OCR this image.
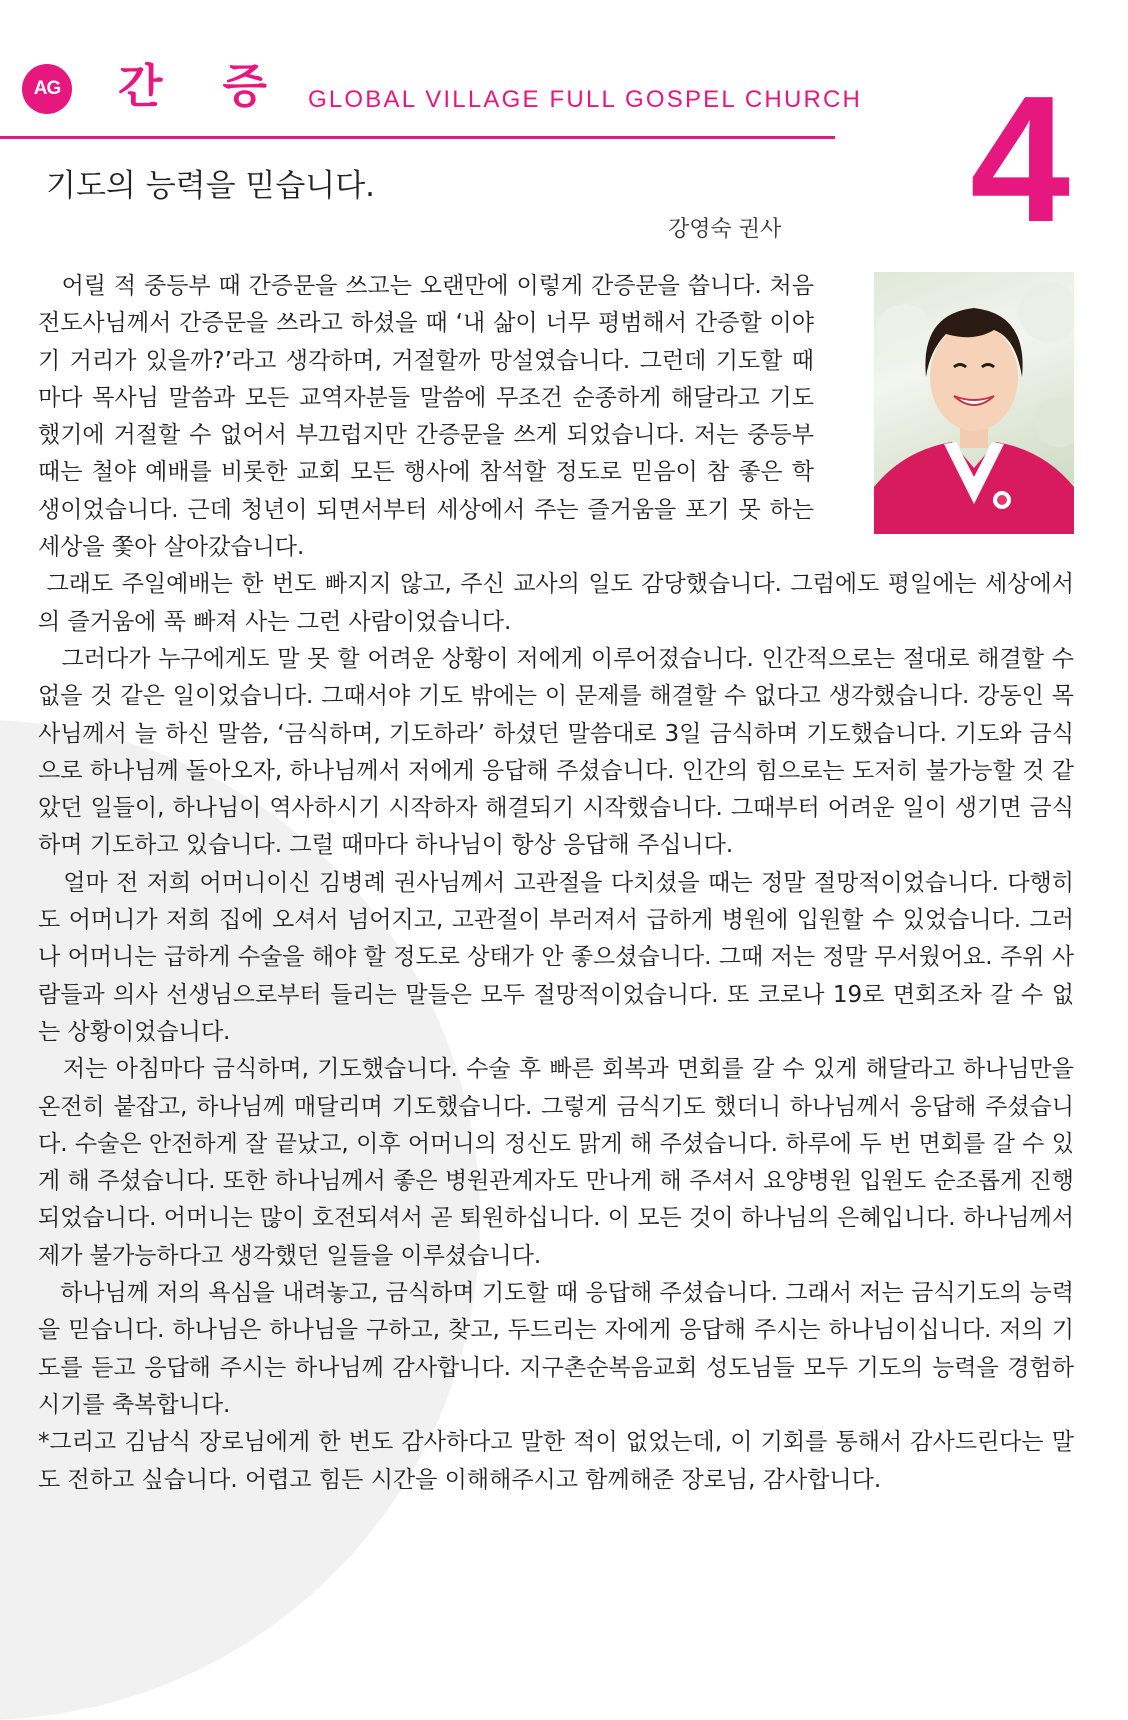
AG 간 증 GLOBAL VILLAGE FULL GOSPEL CHURCH 4
기도의 능력을 믿습니다.
강영숙 권사

어릴 적 중등부 때 간증문을 쓰고는 오랜만에 이렇게 간증문을 씁니다. 처음 전도사님께서 간증문을 쓰라고 하셨을 때 ‘내 삶이 너무 평범해서 간증할 이야기 거리가 있을까?’라고 생각하며, 거절할까 망설였습니다. 그런데 기도할 때마다 목사님 말씀과 모든 교역자분들 말씀에 무조건 순종하게 해달라고 기도했기에 거절할 수 없어서 부끄럽지만 간증문을 쓰게 되었습니다. 저는 중등부 때는 철야 예배를 비롯한 교회 모든 행사에 참석할 정도로 믿음이 참 좋은 학생이었습니다. 근데 청년이 되면서부터 세상에서 주는 즐거움을 포기 못 하는 세상을 쫓아 살아갔습니다.

그래도 주일예배는 한 번도 빠지지 않고, 주신 교사의 일도 감당했습니다. 그럼에도 평일에는 세상에서의 즐거움에 푹 빠져 사는 그런 사람이었습니다.

그러다가 누구에게도 말 못 할 어려운 상황이 저에게 이루어졌습니다. 인간적으로는 절대로 해결할 수 없을 것 같은 일이었습니다. 그때서야 기도 밖에는 이 문제를 해결할 수 없다고 생각했습니다. 강동인 목사님께서 늘 하신 말씀, ‘금식하며, 기도하라’ 하셨던 말씀대로 3일 금식하며 기도했습니다. 기도와 금식으로 하나님께 돌아오자, 하나님께서 저에게 응답해 주셨습니다. 인간의 힘으로는 도저히 불가능할 것 같았던 일들이, 하나님이 역사하시기 시작하자 해결되기 시작했습니다. 그때부터 어려운 일이 생기면 금식하며 기도하고 있습니다. 그럴 때마다 하나님이 항상 응답해 주십니다.

얼마 전 저희 어머니이신 김병례 권사님께서 고관절을 다치셨을 때는 정말 절망적이었습니다. 다행히도 어머니가 저희 집에 오셔서 넘어지고, 고관절이 부러져서 급하게 병원에 입원할 수 있었습니다. 그러나 어머니는 급하게 수술을 해야 할 정도로 상태가 안 좋으셨습니다. 그때 저는 정말 무서웠어요. 주위 사람들과 의사 선생님으로부터 들리는 말들은 모두 절망적이었습니다. 또 코로나 19로 면회조차 갈 수 없는 상황이었습니다.

저는 아침마다 금식하며, 기도했습니다. 수술 후 빠른 회복과 면회를 갈 수 있게 해달라고 하나님만을 온전히 붙잡고, 하나님께 매달리며 기도했습니다. 그렇게 금식기도 했더니 하나님께서 응답해 주셨습니다. 수술은 안전하게 잘 끝났고, 이후 어머니의 정신도 맑게 해 주셨습니다. 하루에 두 번 면회를 갈 수 있게 해 주셨습니다. 또한 하나님께서 좋은 병원관계자도 만나게 해 주셔서 요양병원 입원도 순조롭게 진행되었습니다. 어머니는 많이 호전되셔서 곧 퇴원하십니다. 이 모든 것이 하나님의 은혜입니다. 하나님께서 제가 불가능하다고 생각했던 일들을 이루셨습니다.

하나님께 저의 욕심을 내려놓고, 금식하며 기도할 때 응답해 주셨습니다. 그래서 저는 금식기도의 능력을 믿습니다. 하나님은 하나님을 구하고, 찾고, 두드리는 자에게 응답해 주시는 하나님이십니다. 저의 기도를 듣고 응답해 주시는 하나님께 감사합니다. 지구촌순복음교회 성도님들 모두 기도의 능력을 경험하시기를 축복합니다.

*그리고 김남식 장로님에게 한 번도 감사하다고 말한 적이 없었는데, 이 기회를 통해서 감사드린다는 말도 전하고 싶습니다. 어렵고 힘든 시간을 이해해주시고 함께해준 장로님, 감사합니다.
